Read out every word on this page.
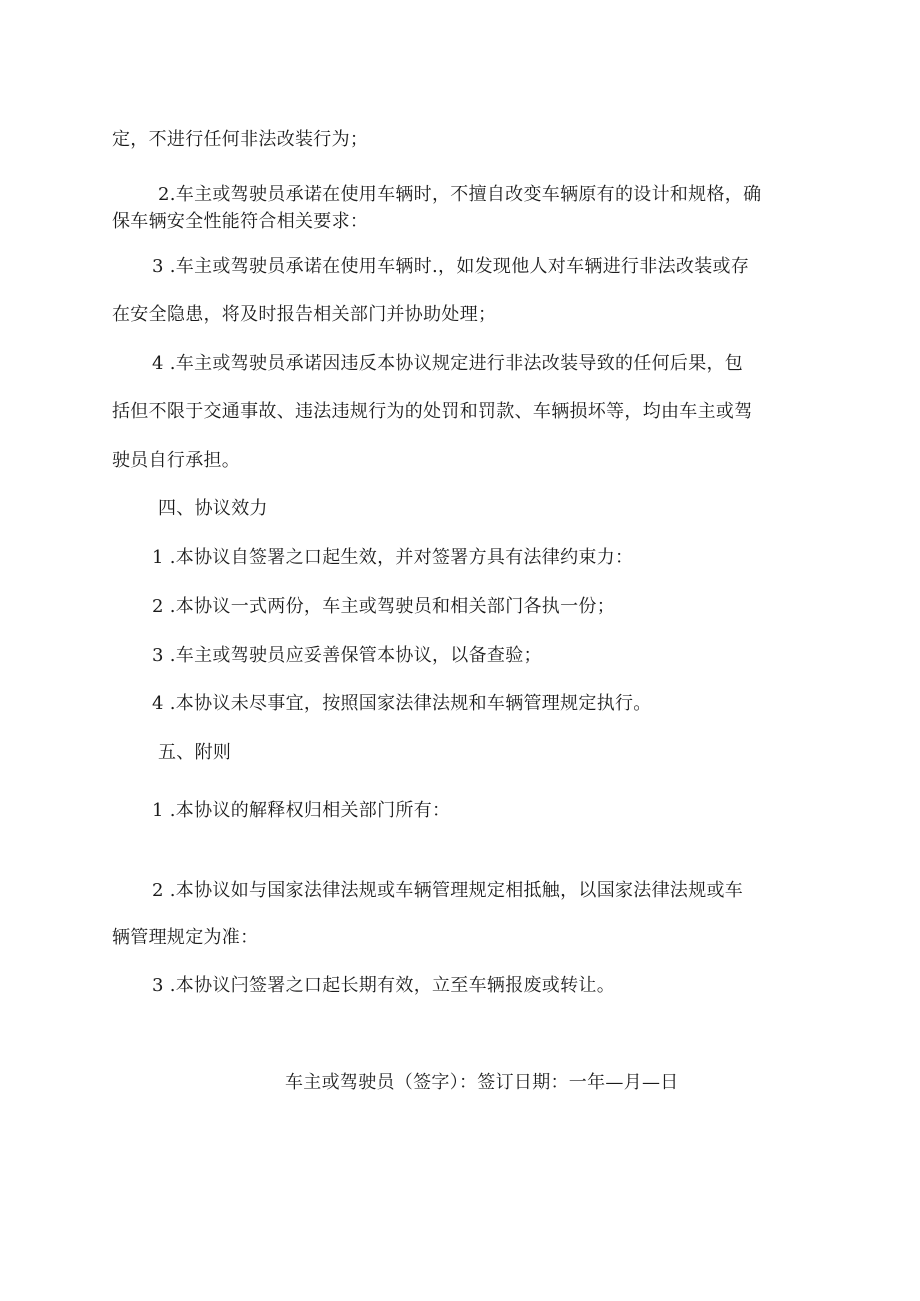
定，不进行任何非法改装行为；
2.车主或驾驶员承诺在使用车辆时，不擅自改变车辆原有的设计和规格，确
保车辆安全性能符合相关要求：
3 .车主或驾驶员承诺在使用车辆时.，如发现他人对车辆进行非法改装或存
在安全隐患，将及时报告相关部门并协助处理；
4 .车主或驾驶员承诺因违反本协议规定进行非法改装导致的任何后果，包
括但不限于交通事故、违法违规行为的处罚和罚款、车辆损坏等，均由车主或驾
驶员自行承担。
四、协议效力
1 .本协议自签署之口起生效，并对签署方具有法律约束力：
2 .本协议一式两份，车主或驾驶员和相关部门各执一份；
3 .车主或驾驶员应妥善保管本协议，以备查验；
4 .本协议未尽事宜，按照国家法律法规和车辆管理规定执行。
五、附则
1 .本协议的解释权归相关部门所有：
2 .本协议如与国家法律法规或车辆管理规定相抵触，以国家法律法规或车
辆管理规定为准：
3 .本协议闩签署之口起长期有效，立至车辆报废或转让。
车主或驾驶员（签字）：签订日期：一年—月—日
